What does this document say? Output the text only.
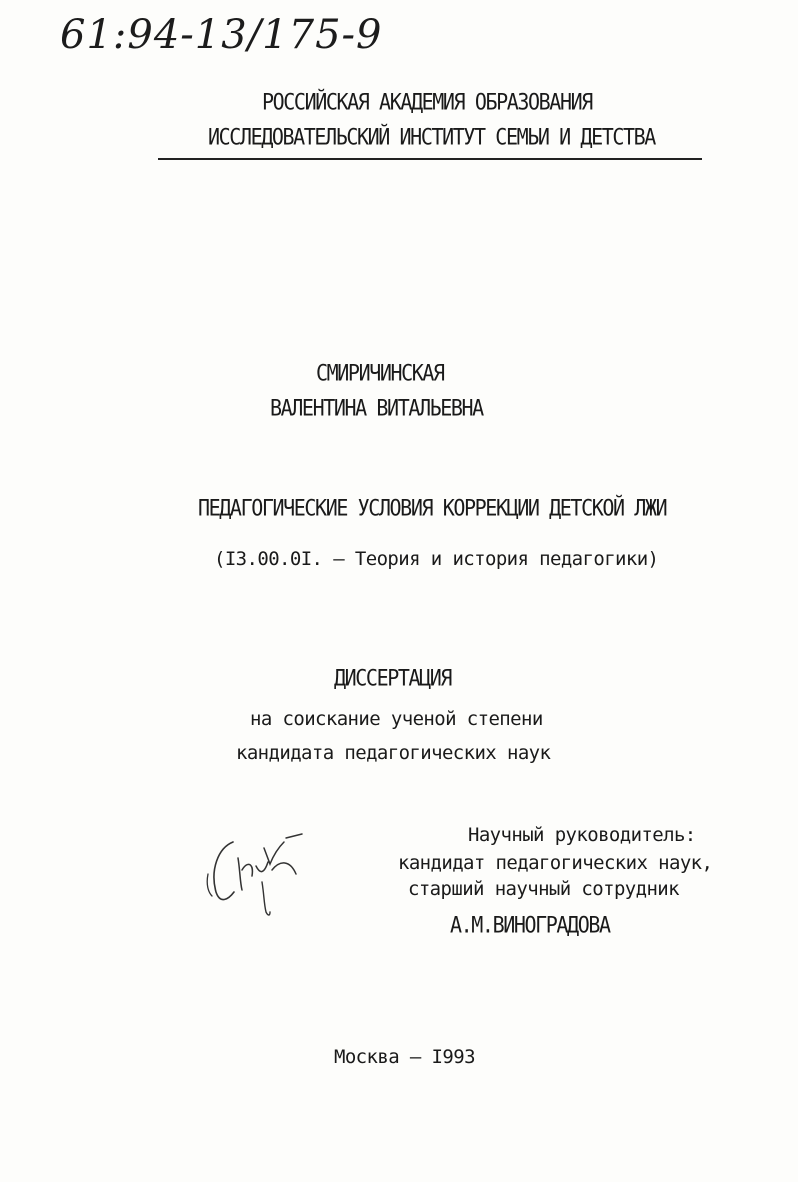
61:94-13/175-9
РОССИЙСКАЯ АКАДЕМИЯ ОБРАЗОВАНИЯ
ИССЛЕДОВАТЕЛЬСКИЙ ИНСТИТУТ СЕМЬИ И ДЕТСТВА
СМИРИЧИНСКАЯ
ВАЛЕНТИНА ВИТАЛЬЕВНА
ПЕДАГОГИЧЕСКИЕ УСЛОВИЯ КОРРЕКЦИИ ДЕТСКОЙ ЛЖИ
(I3.00.0I. – Теория и история педагогики)
ДИССЕРТАЦИЯ
на соискание ученой степени
кандидата педагогических наук
Научный руководитель:
кандидат педагогических наук,
старший научный сотрудник
А.М.ВИНОГРАДОВА
Москва – I993
